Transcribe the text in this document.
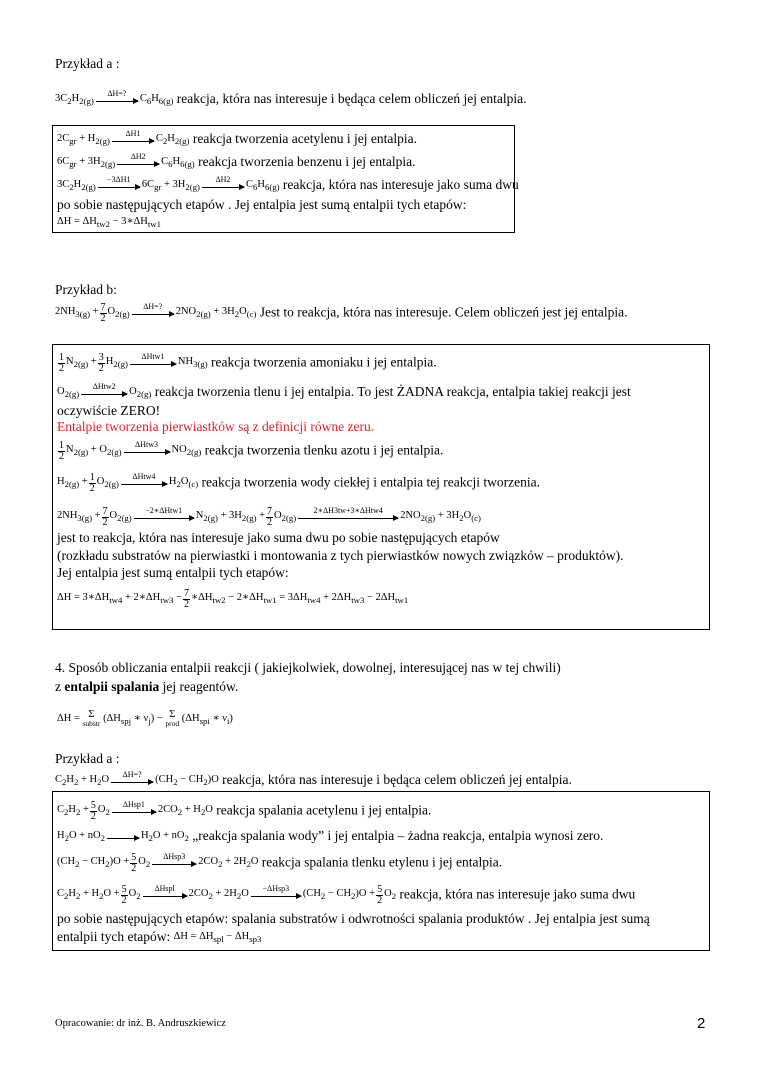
Przykład a :
$3C_2H_{2(g)}$
ΔH=?	$C_6H_{6(g)}$ reakcja, która nas interesuje i będąca celem obliczeń jej entalpia.
$2C_{gr} + H_{2(g)}$
ΔH1	$C_2H_{2(g)}$ reakcja tworzenia acetylenu i jej entalpia.
$6C_{gr} + 3H_{2(g)}$
ΔH2	$C_6H_{6(g)}$ reakcja tworzenia benzenu i jej entalpia.
$3C_2H_{2(g)}$
−3ΔH1	$6C_{gr} + 3H_{2(g)}$
ΔH2	$C_6H_{6(g)}$ reakcja, która nas interesuje jako suma dwu
po sobie następujących etapów . Jej entalpia jest sumą entalpii tych etapów:
$\Delta H = \Delta H_{tw2}$ − $3∗\Delta H_{tw1}$
Przykład b:
$2NH_{3(g)} + \frac{7}{2} O_{2(g)}$
ΔH=?	$2NO_{2(g)} + 3H_2O_{(c)}$ Jest to reakcja, która nas interesuje. Celem obliczeń jest jej entalpia.
$\frac{1}{2} N_{2(g)} + \frac{3}{2} H_{2(g)}$
ΔHtw1	$NH_{3(g)}$ reakcja tworzenia amoniaku i jej entalpia.
$O_{2(g)}$
ΔHtw2	$O_{2(g)}$ reakcja tworzenia tlenu i jej entalpia. To jest ŻADNA reakcja, entalpia takiej reakcji jest
oczywiście ZERO!
Entalpie tworzenia pierwiastków są z definicji równe zeru.
$\frac{1}{2} N_{2(g)} + O_{2(g)}$
ΔHtw3	$NO_{2(g)}$ reakcja tworzenia tlenku azotu i jej entalpia.
$H_{2(g)} + \frac{1}{2} O_{2(g)}$
ΔHtw4	$H_2O_{(c)}$ reakcja tworzenia wody ciekłej i entalpia tej reakcji tworzenia.
$2NH_{3(g)} + \frac{7}{2} O_{2(g)}$
−2∗ΔHtw1	$N_{2(g)} + 3H_{2(g)} + \frac{7}{2} O_{2(g)}$
2∗ΔH3tw+3∗ΔHtw4	$2NO_{2(g)} + 3H_2O_{(c)}$
jest to reakcja, która nas interesuje jako suma dwu po sobie następujących etapów
(rozkładu substratów na pierwiastki i montowania z tych pierwiastków nowych związków – produktów).
Jej entalpia jest sumą entalpii tych etapów:
$\Delta H = 3∗\Delta H_{tw4}$ + $2∗\Delta H_{tw3} - \frac{7}{2}$ $∗\Delta H_{tw2}$ − $2∗\Delta H_{tw1} = 3\Delta H_{tw4} + 2\Delta H_{tw3} - 2\Delta H_{tw1}$
4. Sposób obliczania entalpii reakcji ( jakiejkolwiek, dowolnej, interesującej nas w tej chwili)
z entalpii spalania jej reagentów.
ΔH = Σ
substr ($\Delta H_{spj}$ ∗ $\nu_j) - \Sigma$
prod ($\Delta H_{spi}$ ∗ $\nu_i$)
Przykład a :
$C_2H_2 + H_2O$	ΔH=?	$(CH_2 - CH_2)O$ reakcja, która nas interesuje i będąca celem obliczeń jej entalpia.
$C_2H_2 + \frac{5}{2} O_2$
ΔHsp1	$2CO_2 + H_2O$ reakcja spalania acetylenu i jej entalpia.
$H_2O + nO_2$	$H_2O + nO_2$ „reakcja spalania wody” i jej entalpia – żadna reakcja, entalpia wynosi zero.
$(CH_2 - CH_2)O + \frac{5}{2} O_2$
ΔHsp3	$2CO_2 + 2H_2O$ reakcja spalania tlenku etylenu i jej entalpia.
$C_2H_2 + H_2O + \frac{5}{2} O_2$
ΔHspl	$2CO_2 + 2H_2O$	−ΔHsp3	$(CH_2 - CH_2)O + \frac{5}{2} O_2$ reakcja, która nas interesuje jako suma dwu
po sobie następujących etapów: spalania substratów i odwrotności spalania produktów . Jej entalpia jest sumą
entalpii tych etapów: $\Delta H = \Delta H_{spl} - \Delta H_{sp3}$
Opracowanie: dr inż. B. Andruszkiewicz	2
